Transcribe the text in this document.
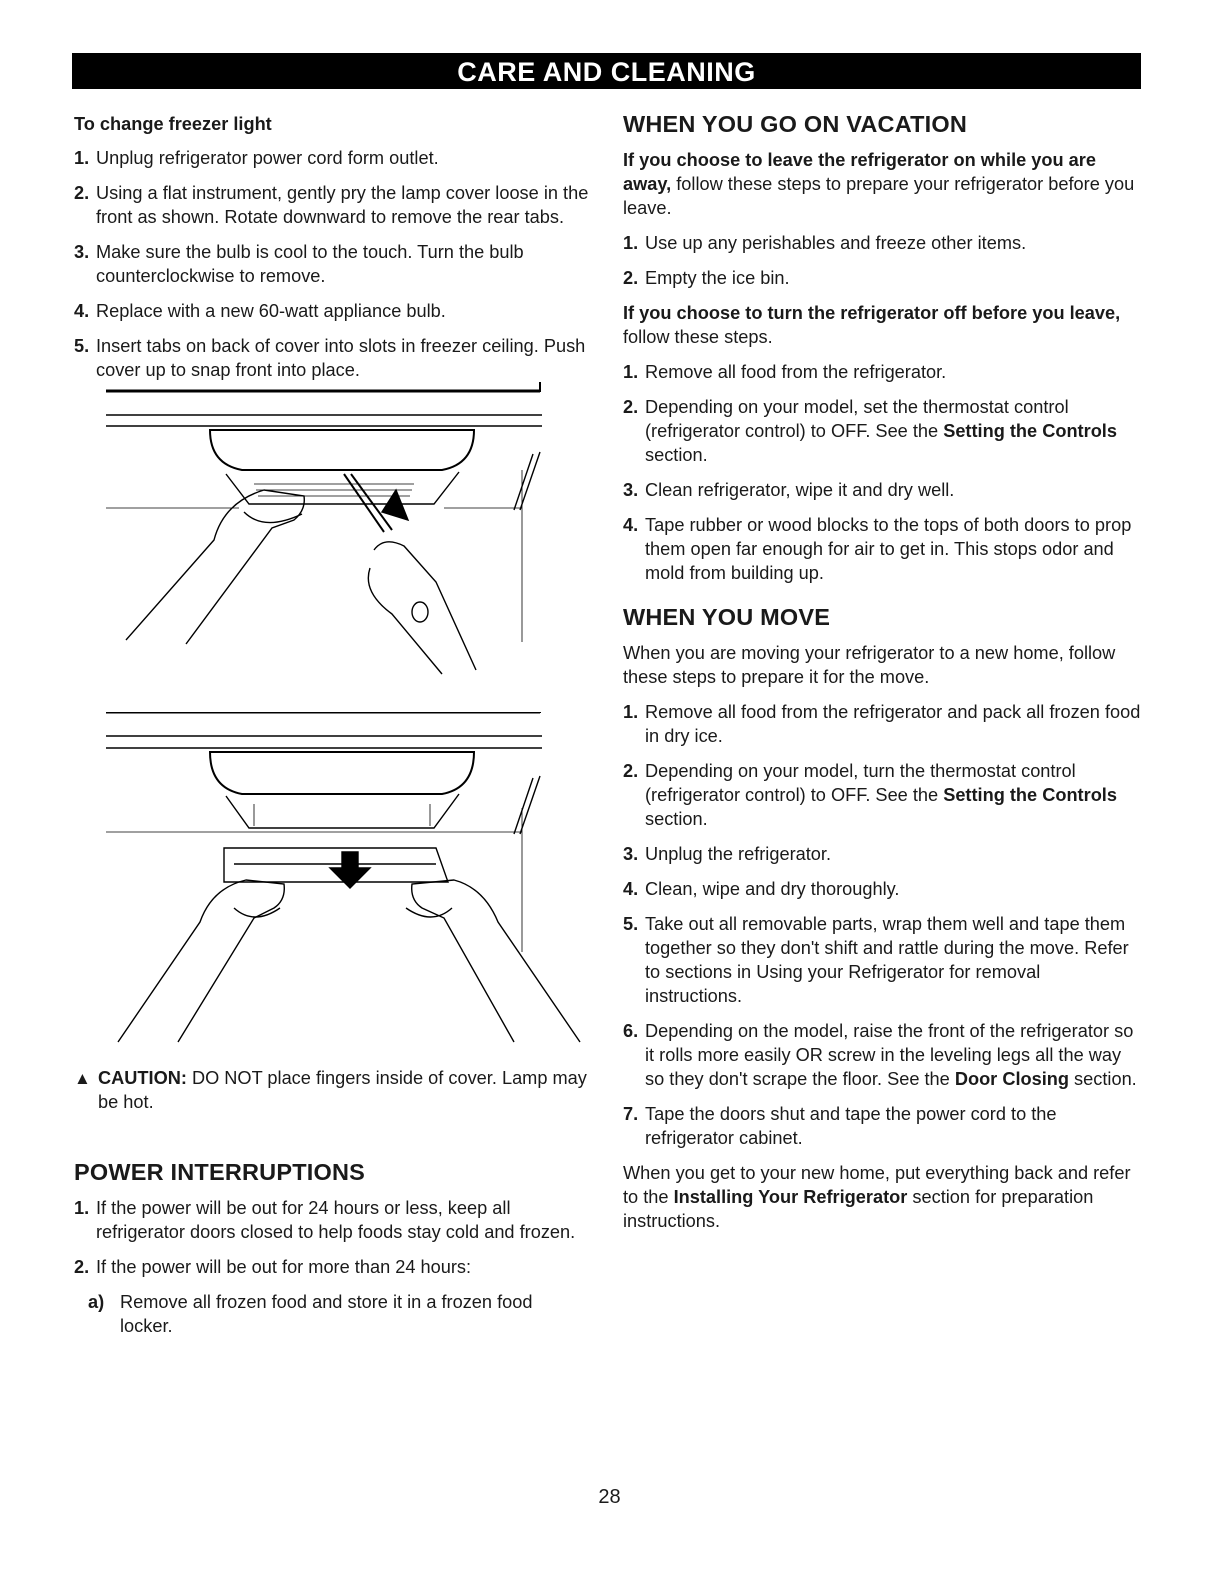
CARE AND CLEANING
To change freezer light
1. Unplug refrigerator power cord form outlet.
2. Using a flat instrument, gently pry the lamp cover loose in the front as shown. Rotate downward to remove the rear tabs.
3. Make sure the bulb is cool to the touch. Turn the bulb counterclockwise to remove.
4. Replace with a new 60-watt appliance bulb.
5. Insert tabs on back of cover into slots in freezer ceiling. Push cover up to snap front into place.
▲ CAUTION: DO NOT place fingers inside of cover. Lamp may be hot.
POWER INTERRUPTIONS
1. If the power will be out for 24 hours or less, keep all refrigerator doors closed to help foods stay cold and frozen.
2. If the power will be out for more than 24 hours:
a) Remove all frozen food and store it in a frozen food locker.
WHEN YOU GO ON VACATION

If you choose to leave the refrigerator on while you are away, follow these steps to prepare your refrigerator before you leave.

1. Use up any perishables and freeze other items.
2. Empty the ice bin.

If you choose to turn the refrigerator off before you leave, follow these steps.

1. Remove all food from the refrigerator.
2. Depending on your model, set the thermostat control (refrigerator control) to OFF. See the Setting the Controls section.
3. Clean refrigerator, wipe it and dry well.
4. Tape rubber or wood blocks to the tops of both doors to prop them open far enough for air to get in. This stops odor and mold from building up.
WHEN YOU MOVE

When you are moving your refrigerator to a new home, follow these steps to prepare it for the move.

1. Remove all food from the refrigerator and pack all frozen food in dry ice.
2. Depending on your model, turn the thermostat control (refrigerator control) to OFF. See the Setting the Controls section.
3. Unplug the refrigerator.
4. Clean, wipe and dry thoroughly.
5. Take out all removable parts, wrap them well and tape them together so they don't shift and rattle during the move. Refer to sections in Using your Refrigerator for removal instructions.
6. Depending on the model, raise the front of the refrigerator so it rolls more easily OR screw in the leveling legs all the way so they don't scrape the floor. See the Door Closing section.
7. Tape the doors shut and tape the power cord to the refrigerator cabinet.

When you get to your new home, put everything back and refer to the Installing Your Refrigerator section for preparation instructions.

28
